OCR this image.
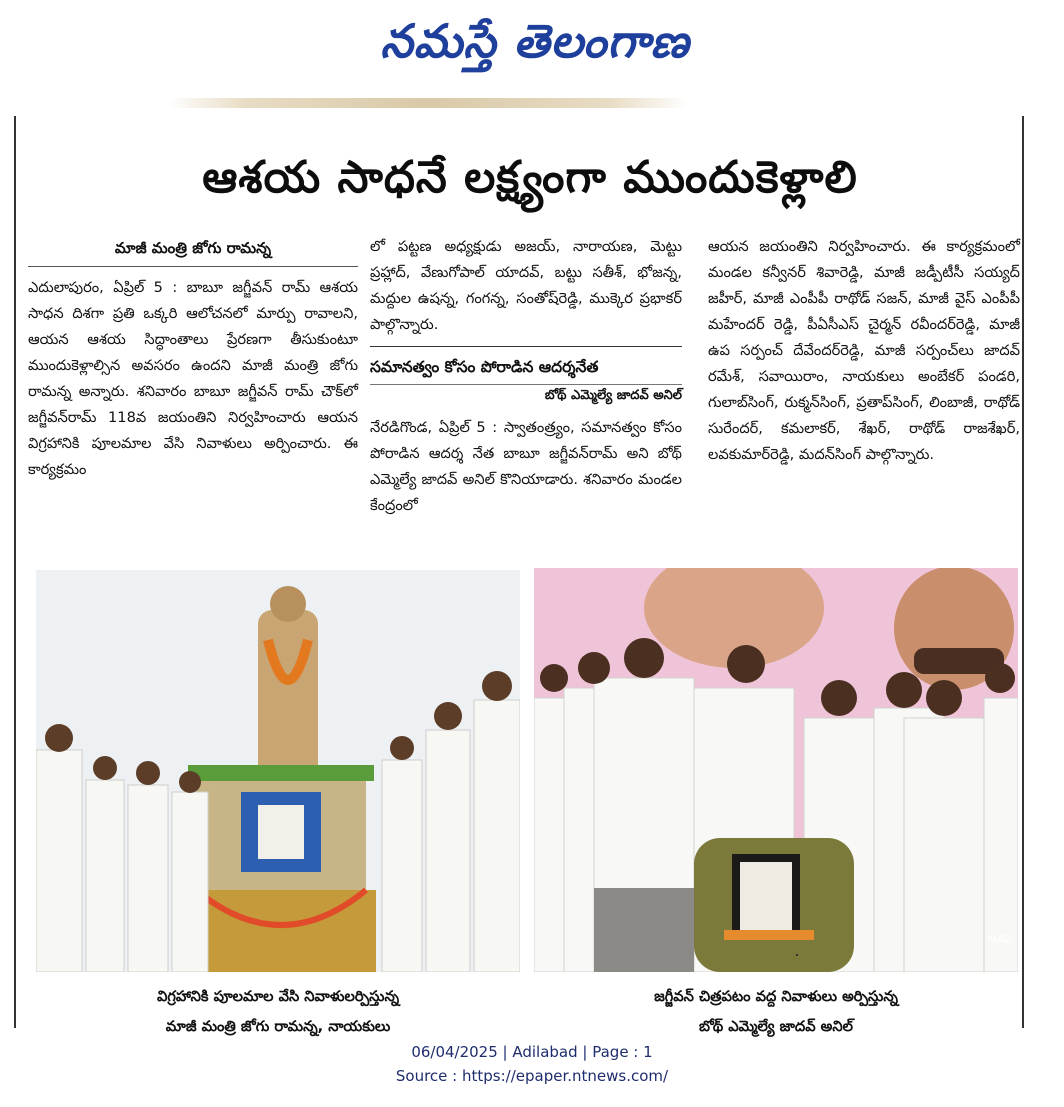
నమస్తే తెలంగాణ
ఆశయ సాధనే లక్ష్యంగా ముందుకెళ్లాలి
మాజీ మంత్రి జోగు రామన్న

ఎదులాపురం, ఏప్రిల్ 5 : బాబూ జగ్జీవన్ రామ్ ఆశయ సాధన దిశగా ప్రతి ఒక్కరి ఆలోచనలో మార్పు రావాలని, ఆయన ఆశయ సిద్ధాంతాలు ప్రేరణగా తీసుకుంటూ ముందుకెళ్లాల్సిన అవసరం ఉందని మాజీ మంత్రి జోగు రామన్న అన్నారు. శనివారం బాబూ జగ్జీవన్ రామ్ చౌక్‌లో జగ్జీవన్‌రామ్ 118వ జయంతిని నిర్వహించారు ఆయన విగ్రహానికి పూలమాల వేసి నివాళులు అర్పించారు. ఈ కార్యక్రమం

లో పట్టణ అధ్యక్షుడు అజయ్, నారాయణ, మెట్టు ప్రహ్లాద్, వేణుగోపాల్ యాదవ్, బట్టు సతీశ్, భోజన్న, మద్దుల ఉషన్న, గంగన్న, సంతోష్‌రెడ్డి, ముక్కెర ప్రభాకర్ పాల్గొన్నారు.

సమానత్వం కోసం పోరాడిన ఆదర్శనేత
బోథ్ ఎమ్మెల్యే జాదవ్ అనిల్

నేరడిగొండ, ఏప్రిల్ 5 : స్వాతంత్ర్యం, సమానత్వం కోసం పోరాడిన ఆదర్శ నేత బాబూ జగ్జీవన్‌రామ్ అని బోథ్ ఎమ్మెల్యే జాదవ్ అనిల్ కొనియాడారు. శనివారం మండల కేంద్రంలో

ఆయన జయంతిని నిర్వహించారు. ఈ కార్యక్రమంలో మండల కన్వీనర్ శివారెడ్డి, మాజీ జడ్పీటీసీ సయ్యద్ జహీర్, మాజీ ఎంపీపీ రాథోడ్ సజన్, మాజీ వైస్ ఎంపీపీ మహేందర్ రెడ్డి, పీఏసీఎస్ చైర్మన్ రవీందర్‌రెడ్డి, మాజీ ఉప సర్పంచ్ దేవేందర్‌రెడ్డి, మాజీ సర్పంచ్‌లు జాదవ్ రమేశ్, సవాయిరాం, నాయకులు అంబేకర్ పండరి, గులాబ్‌సింగ్, రుక్మన్‌సింగ్, ప్రతాప్‌సింగ్, లింబాజీ, రాథోడ్ సురేందర్, కమలాకర్, శేఖర్, రాథోడ్ రాజశేఖర్, లవకుమార్‌రెడ్డి, మదన్‌సింగ్ పాల్గొన్నారు.

MAZ
విగ్రహానికి పూలమాల వేసి నివాళులర్పిస్తున్న
మాజీ మంత్రి జోగు రామన్న, నాయకులు
జగ్జీవన్ చిత్రపటం వద్ద నివాళులు అర్పిస్తున్న
బోథ్ ఎమ్మెల్యే జాదవ్ అనిల్
06/04/2025 | Adilabad | Page : 1
Source : https://epaper.ntnews.com/
